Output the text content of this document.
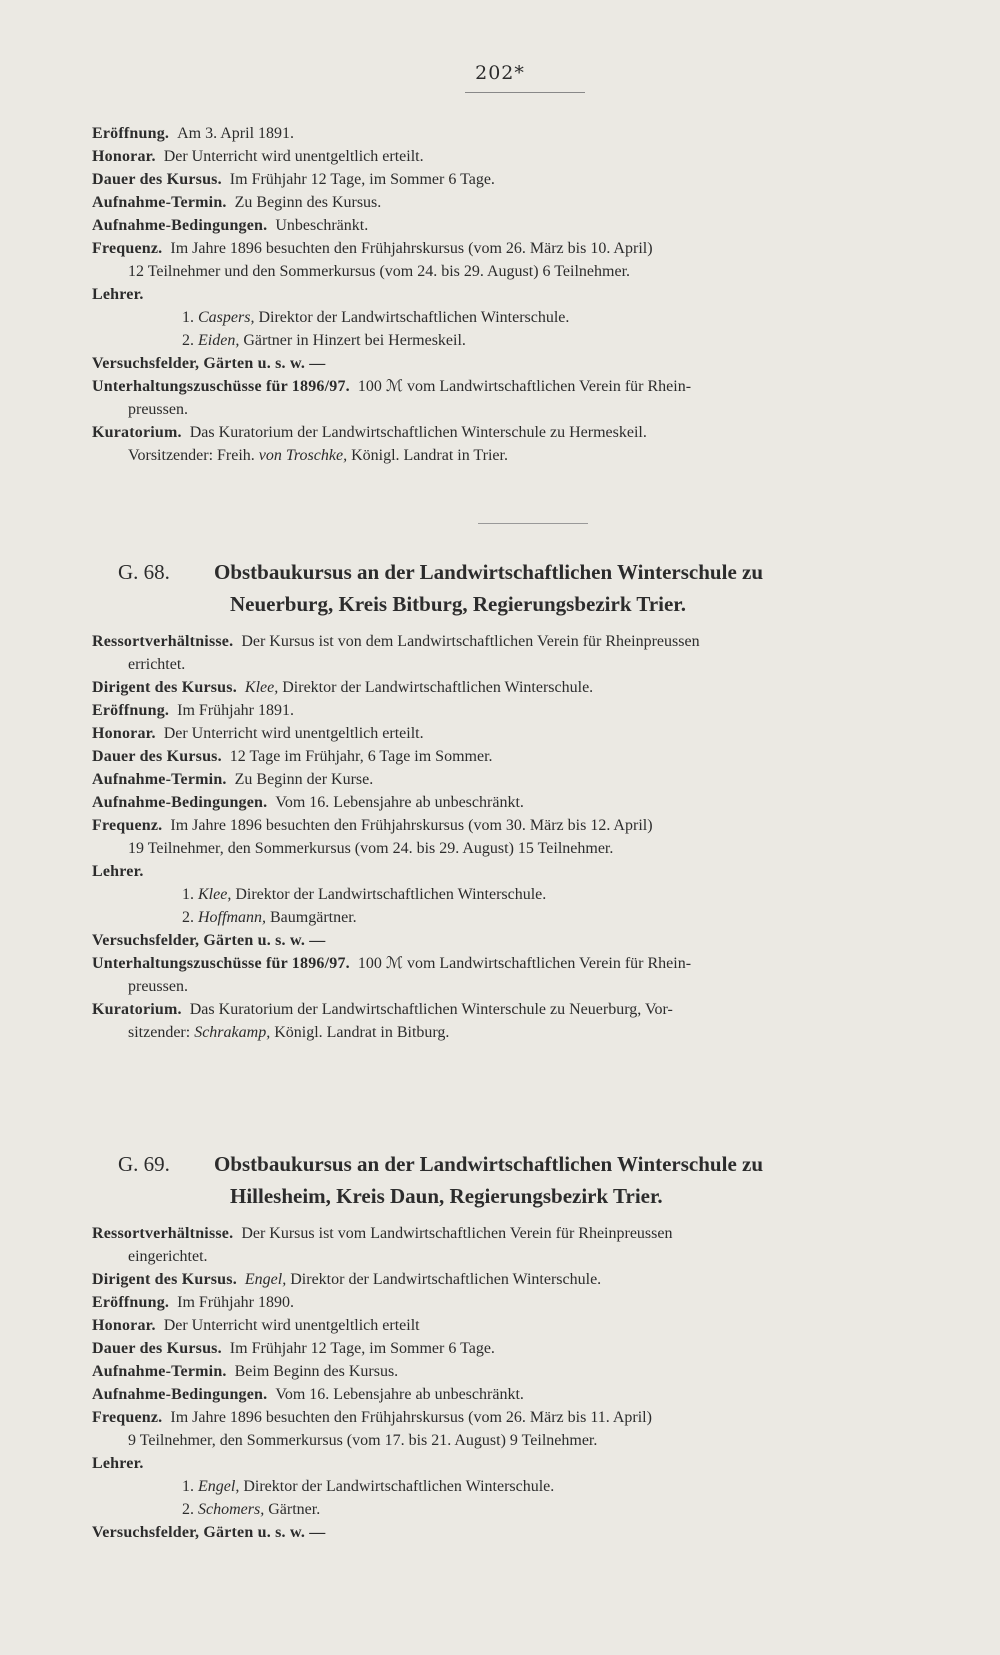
202*
Eröffnung. Am 3. April 1891.
Honorar. Der Unterricht wird unentgeltlich erteilt.
Dauer des Kursus. Im Frühjahr 12 Tage, im Sommer 6 Tage.
Aufnahme-Termin. Zu Beginn des Kursus.
Aufnahme-Bedingungen. Unbeschränkt.
Frequenz. Im Jahre 1896 besuchten den Frühjahrskursus (vom 26. März bis 10. April)
12 Teilnehmer und den Sommerkursus (vom 24. bis 29. August) 6 Teilnehmer.
Lehrer.
1. Caspers, Direktor der Landwirtschaftlichen Winterschule.
2. Eiden, Gärtner in Hinzert bei Hermeskeil.
Versuchsfelder, Gärten u. s. w. —
Unterhaltungszuschüsse für 1896/97. 100 ℳ vom Landwirtschaftlichen Verein für Rhein-
preussen.
Kuratorium. Das Kuratorium der Landwirtschaftlichen Winterschule zu Hermeskeil.
Vorsitzender: Freih. von Troschke, Königl. Landrat in Trier.
G. 68. Obstbaukursus an der Landwirtschaftlichen Winterschule zu
Neuerburg, Kreis Bitburg, Regierungsbezirk Trier.
Ressortverhältnisse. Der Kursus ist von dem Landwirtschaftlichen Verein für Rheinpreussen
errichtet.
Dirigent des Kursus. Klee, Direktor der Landwirtschaftlichen Winterschule.
Eröffnung. Im Frühjahr 1891.
Honorar. Der Unterricht wird unentgeltlich erteilt.
Dauer des Kursus. 12 Tage im Frühjahr, 6 Tage im Sommer.
Aufnahme-Termin. Zu Beginn der Kurse.
Aufnahme-Bedingungen. Vom 16. Lebensjahre ab unbeschränkt.
Frequenz. Im Jahre 1896 besuchten den Frühjahrskursus (vom 30. März bis 12. April)
19 Teilnehmer, den Sommerkursus (vom 24. bis 29. August) 15 Teilnehmer.
Lehrer.
1. Klee, Direktor der Landwirtschaftlichen Winterschule.
2. Hoffmann, Baumgärtner.
Versuchsfelder, Gärten u. s. w. —
Unterhaltungszuschüsse für 1896/97. 100 ℳ vom Landwirtschaftlichen Verein für Rhein-
preussen.
Kuratorium. Das Kuratorium der Landwirtschaftlichen Winterschule zu Neuerburg, Vor-
sitzender: Schrakamp, Königl. Landrat in Bitburg.
G. 69. Obstbaukursus an der Landwirtschaftlichen Winterschule zu
Hillesheim, Kreis Daun, Regierungsbezirk Trier.
Ressortverhältnisse. Der Kursus ist vom Landwirtschaftlichen Verein für Rheinpreussen
eingerichtet.
Dirigent des Kursus. Engel, Direktor der Landwirtschaftlichen Winterschule.
Eröffnung. Im Frühjahr 1890.
Honorar. Der Unterricht wird unentgeltlich erteilt
Dauer des Kursus. Im Frühjahr 12 Tage, im Sommer 6 Tage.
Aufnahme-Termin. Beim Beginn des Kursus.
Aufnahme-Bedingungen. Vom 16. Lebensjahre ab unbeschränkt.
Frequenz. Im Jahre 1896 besuchten den Frühjahrskursus (vom 26. März bis 11. April)
9 Teilnehmer, den Sommerkursus (vom 17. bis 21. August) 9 Teilnehmer.
Lehrer.
1. Engel, Direktor der Landwirtschaftlichen Winterschule.
2. Schomers, Gärtner.
Versuchsfelder, Gärten u. s. w. —
